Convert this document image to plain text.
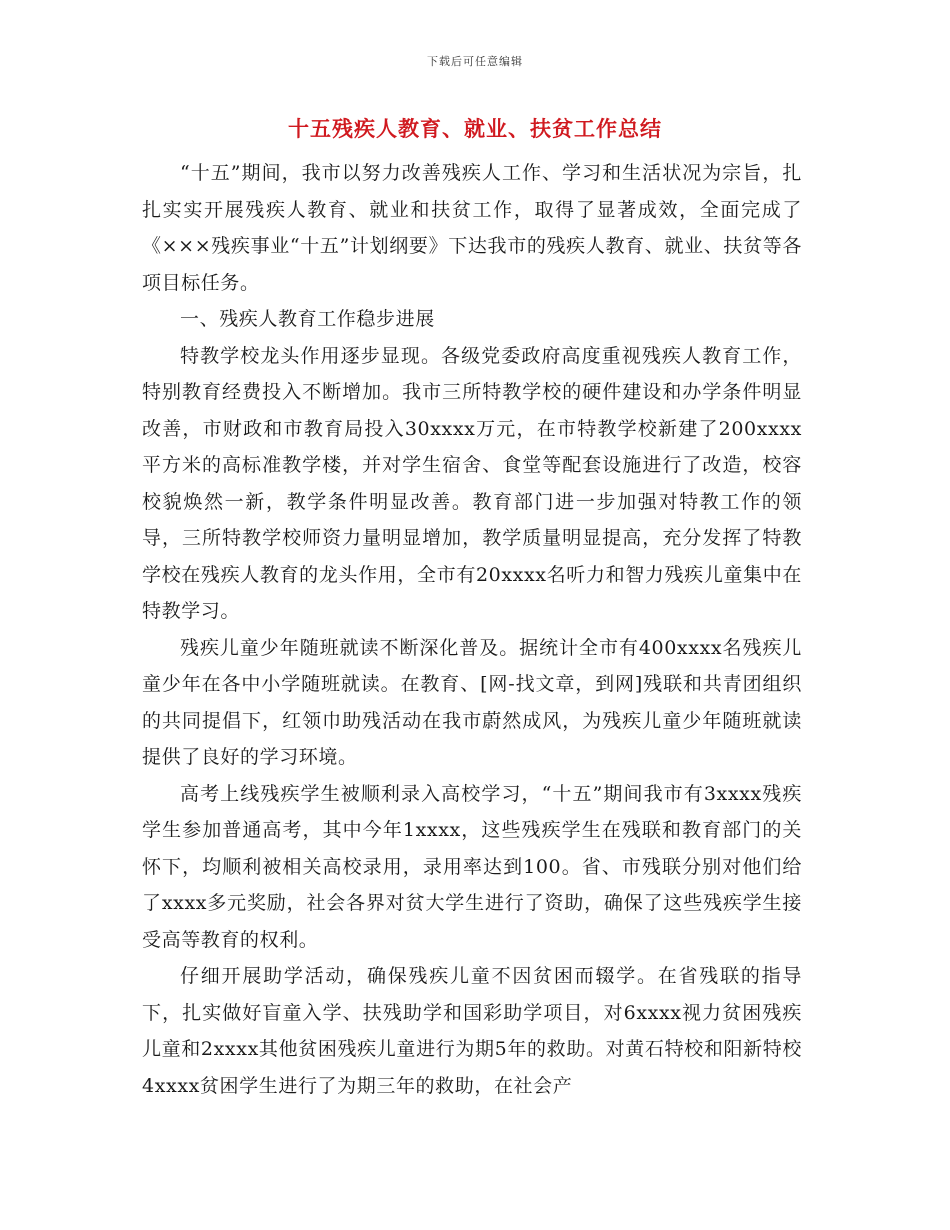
下载后可任意编辑
十五残疾人教育、就业、扶贫工作总结

“十五”期间，我市以努力改善残疾人工作、学习和生活状况为宗旨，扎扎实实开展残疾人教育、就业和扶贫工作，取得了显著成效，全面完成了《×××残疾事业“十五”计划纲要》下达我市的残疾人教育、就业、扶贫等各项目标任务。

一、残疾人教育工作稳步进展

特教学校龙头作用逐步显现。各级党委政府高度重视残疾人教育工作，特别教育经费投入不断增加。我市三所特教学校的硬件建设和办学条件明显改善，市财政和市教育局投入30xxxx万元，在市特教学校新建了200xxxx平方米的高标准教学楼，并对学生宿舍、食堂等配套设施进行了改造，校容校貌焕然一新，教学条件明显改善。教育部门进一步加强对特教工作的领导，三所特教学校师资力量明显增加，教学质量明显提高，充分发挥了特教学校在残疾人教育的龙头作用，全市有20xxxx名听力和智力残疾儿童集中在特教学习。

残疾儿童少年随班就读不断深化普及。据统计全市有400xxxx名残疾儿童少年在各中小学随班就读。在教育、[网-找文章，到网]残联和共青团组织的共同提倡下，红领巾助残活动在我市蔚然成风，为残疾儿童少年随班就读提供了良好的学习环境。

高考上线残疾学生被顺利录入高校学习，“十五”期间我市有3xxxx残疾学生参加普通高考，其中今年1xxxx，这些残疾学生在残联和教育部门的关怀下，均顺利被相关高校录用，录用率达到100。省、市残联分别对他们给了xxxx多元奖励，社会各界对贫大学生进行了资助，确保了这些残疾学生接受高等教育的权利。

仔细开展助学活动，确保残疾儿童不因贫困而辍学。在省残联的指导下，扎实做好盲童入学、扶残助学和国彩助学项目，对6xxxx视力贫困残疾儿童和2xxxx其他贫困残疾儿童进行为期5年的救助。对黄石特校和阳新特校4xxxx贫困学生进行了为期三年的救助，在社会产
